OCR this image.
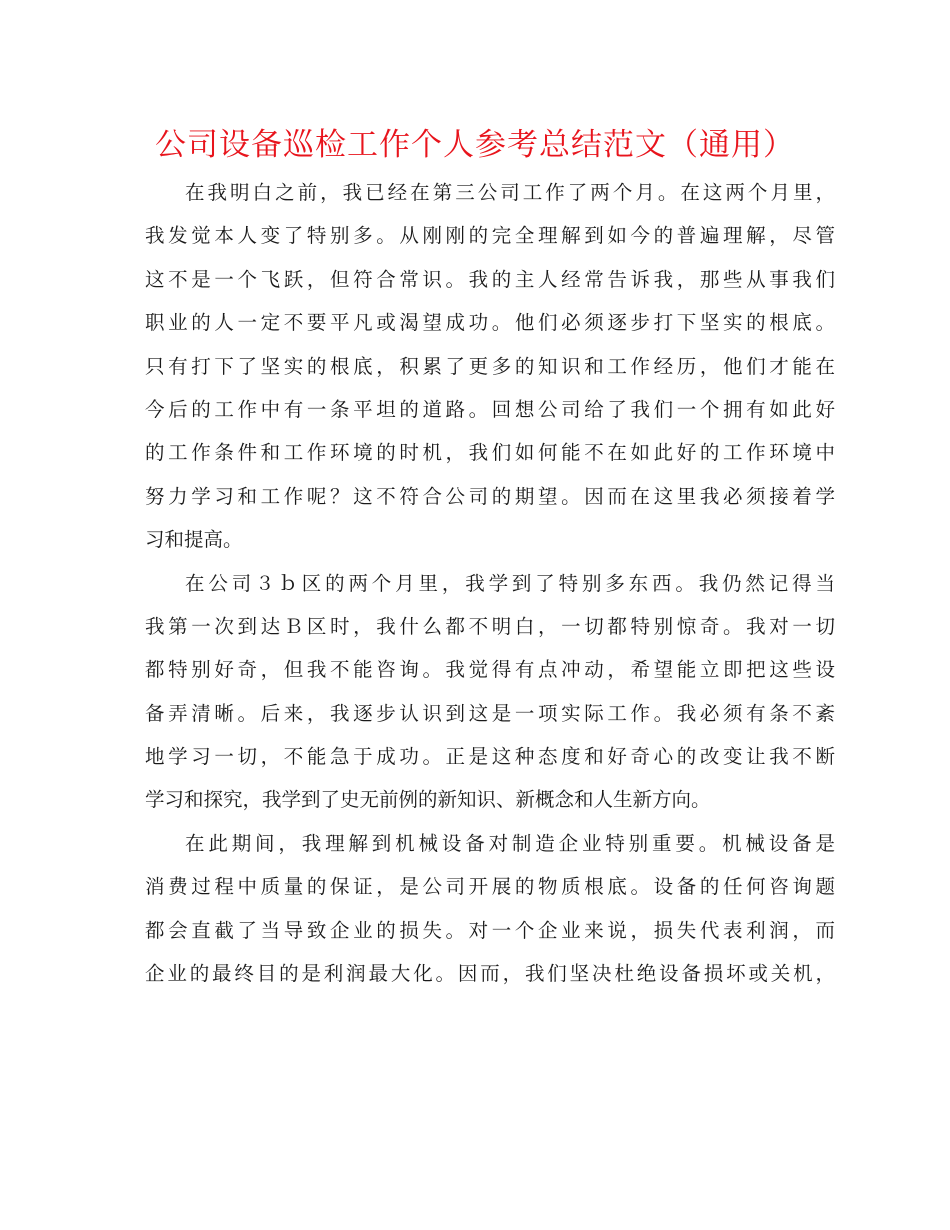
公司设备巡检工作个人参考总结范文（通用）
在我明白之前，我已经在第三公司工作了两个月。在这两个月里，
我发觉本人变了特别多。从刚刚的完全理解到如今的普遍理解，尽管
这不是一个飞跃，但符合常识。我的主人经常告诉我，那些从事我们
职业的人一定不要平凡或渴望成功。他们必须逐步打下坚实的根底。
只有打下了坚实的根底，积累了更多的知识和工作经历，他们才能在
今后的工作中有一条平坦的道路。回想公司给了我们一个拥有如此好
的工作条件和工作环境的时机，我们如何能不在如此好的工作环境中
努力学习和工作呢？这不符合公司的期望。因而在这里我必须接着学
习和提高。
在公司３ｂ区的两个月里，我学到了特别多东西。我仍然记得当
我第一次到达Ｂ区时，我什么都不明白，一切都特别惊奇。我对一切
都特别好奇，但我不能咨询。我觉得有点冲动，希望能立即把这些设
备弄清晰。后来，我逐步认识到这是一项实际工作。我必须有条不紊
地学习一切，不能急于成功。正是这种态度和好奇心的改变让我不断
学习和探究，我学到了史无前例的新知识、新概念和人生新方向。
在此期间，我理解到机械设备对制造企业特别重要。机械设备是
消费过程中质量的保证，是公司开展的物质根底。设备的任何咨询题
都会直截了当导致企业的损失。对一个企业来说，损失代表利润，而
企业的最终目的是利润最大化。因而，我们坚决杜绝设备损坏或关机，
